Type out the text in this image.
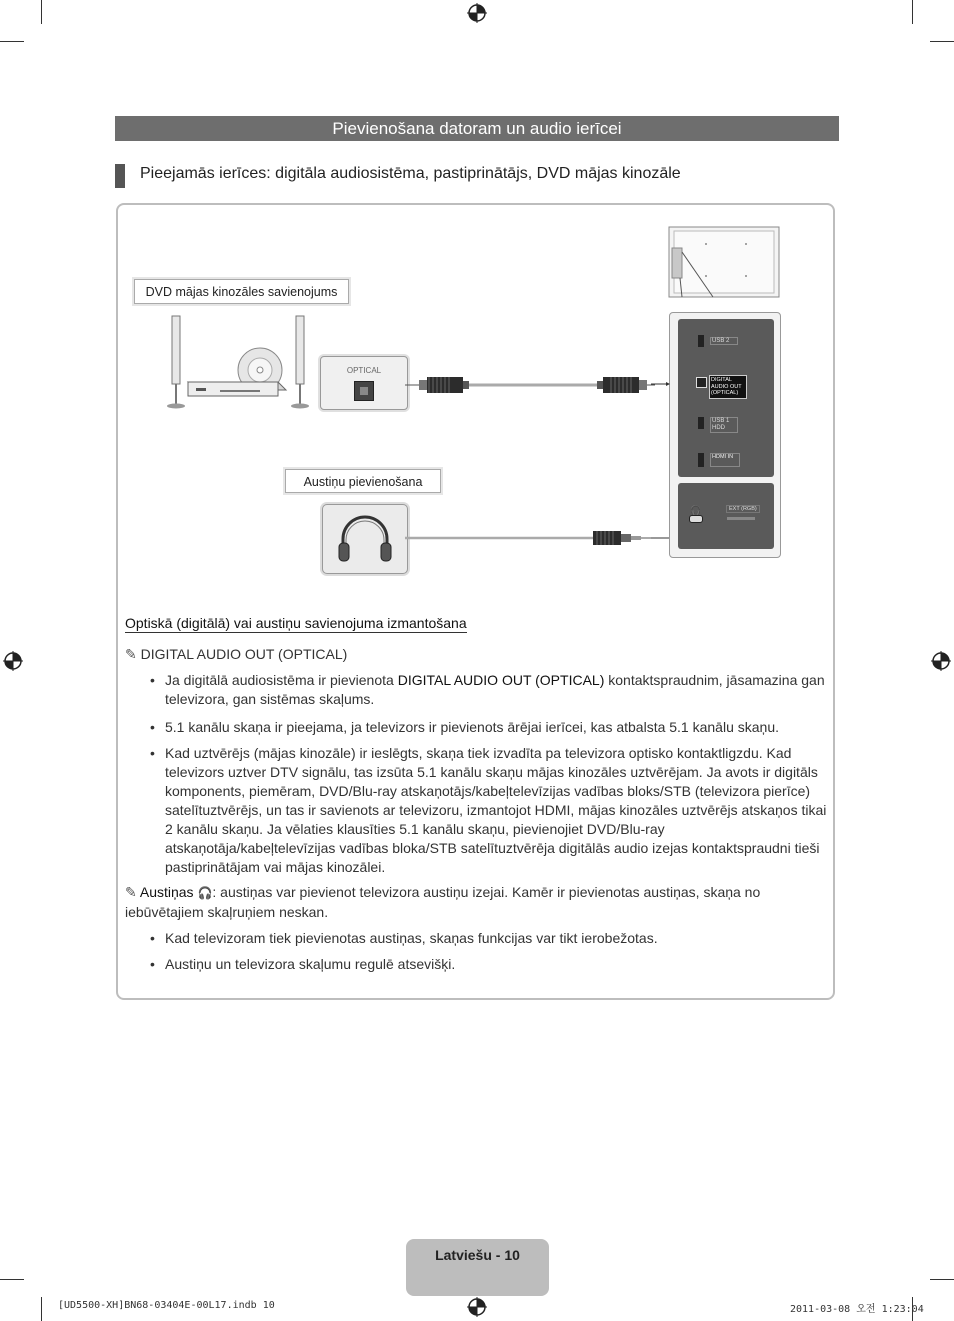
Pievienošana datoram un audio ierīcei
Pieejamās ierīces: digitāla audiosistēma, pastiprinātājs, DVD mājas kinozāle
DVD mājas kinozāles savienojums
OPTICAL
Austiņu pievienošana
USB 2
DIGITAL
AUDIO OUT
(OPTICAL)
USB 1
HDD
HDMI IN
🎧	EXT (RGB)
Optiskā (digitālā) vai austiņu savienojuma izmantošana
✎ DIGITAL AUDIO OUT (OPTICAL)
• Ja digitālā audiosistēma ir pievienota DIGITAL AUDIO OUT (OPTICAL) kontaktspraudnim, jāsamazina gan televizora, gan sistēmas skaļums.
• 5.1 kanālu skaņa ir pieejama, ja televizors ir pievienots ārējai ierīcei, kas atbalsta 5.1 kanālu skaņu.
• Kad uztvērējs (mājas kinozāle) ir ieslēgts, skaņa tiek izvadīta pa televizora optisko kontaktligzdu. Kad televizors uztver DTV signālu, tas izsūta 5.1 kanālu skaņu mājas kinozāles uztvērējam. Ja avots ir digitāls komponents, piemēram, DVD/Blu-ray atskaņotājs/kabeļtelevīzijas vadības bloks/STB (televizora pierīce) satelītuztvērējs, un tas ir savienots ar televizoru, izmantojot HDMI, mājas kinozāles uztvērējs atskaņos tikai 2 kanālu skaņu. Ja vēlaties klausīties 5.1 kanālu skaņu, pievienojiet DVD/Blu-ray atskaņotāja/kabeļtelevīzijas vadības bloka/STB satelītuztvērēja digitālās audio izejas kontaktspraudni tieši pastiprinātājam vai mājas kinozālei.
✎ Austiņas 🎧: austiņas var pievienot televizora austiņu izejai. Kamēr ir pievienotas austiņas, skaņa no iebūvētajiem skaļruņiem neskan.
• Kad televizoram tiek pievienotas austiņas, skaņas funkcijas var tikt ierobežotas.
• Austiņu un televizora skaļumu regulē atsevišķi.
Latviešu - 10
[UD5500-XH]BN68-03404E-00L17.indb 10	2011-03-08 오전 1:23:04
